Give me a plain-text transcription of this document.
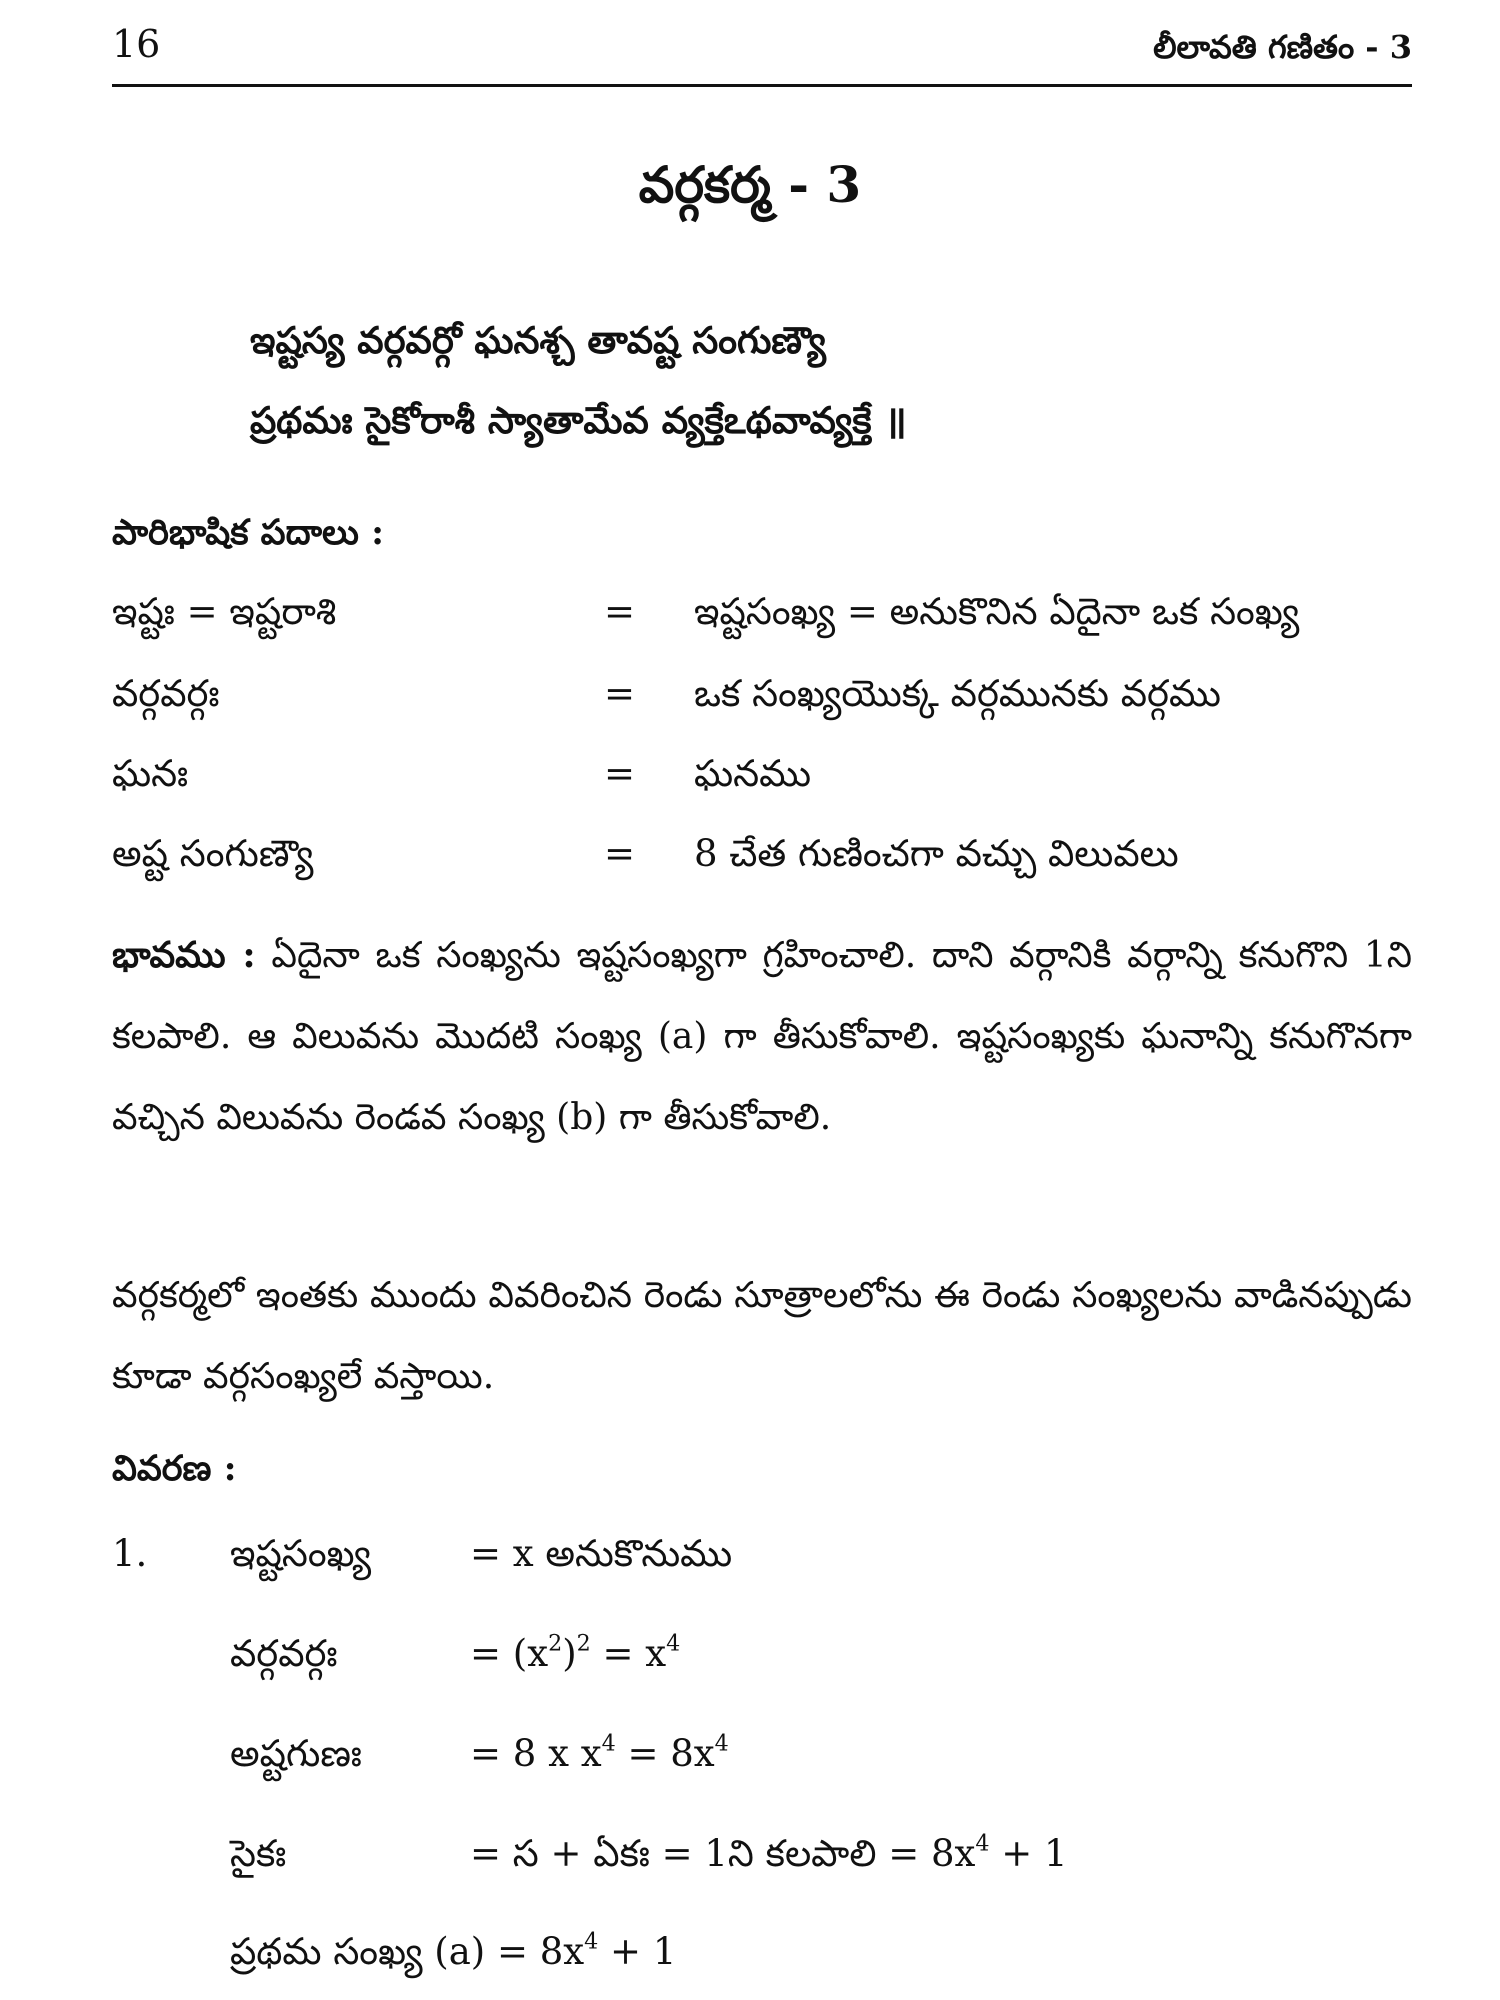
16	లీలావతి గణితం - 3
వర్గకర్మ - 3
ఇష్టస్య వర్గవర్గో ఘనశ్చ తావష్ట సంగుణ్యౌ
ప్రథమః సైకోరాశీ స్యాతామేవ వ్యక్తేఽథవావ్యక్తే ॥
పారిభాషిక పదాలు :
ఇష్టః = ఇష్టరాశి	= ఇష్టసంఖ్య = అనుకొనిన ఏదైనా ఒక సంఖ్య
వర్గవర్గః	= ఒక సంఖ్యయొక్క వర్గమునకు వర్గము
ఘనః	= ఘనము
అష్ట సంగుణ్యౌ	= 8 చేత గుణించగా వచ్చు విలువలు
భావము : ఏదైనా ఒక సంఖ్యను ఇష్టసంఖ్యగా గ్రహించాలి. దాని వర్గానికి వర్గాన్ని కనుగొని 1ని కలపాలి. ఆ విలువను మొదటి సంఖ్య (a) గా తీసుకోవాలి. ఇష్టసంఖ్యకు ఘనాన్ని కనుగొనగా వచ్చిన విలువను రెండవ సంఖ్య (b) గా తీసుకోవాలి.
వర్గకర్మలో ఇంతకు ముందు వివరించిన రెండు సూత్రాలలోను ఈ రెండు సంఖ్యలను వాడినప్పుడు కూడా వర్గసంఖ్యలే వస్తాయి.
వివరణ :
1. ఇష్టసంఖ్య	= x అనుకొనుము
వర్గవర్గః	= $(x^2)^2 = x^4$
అష్టగుణః	= 8 x $x^4 = 8x^4$
సైకః	= స + ఏకః = 1ని కలపాలి = $8x^4 + 1$
ప్రథమ సంఖ్య $(a) = 8x^4 + 1$
